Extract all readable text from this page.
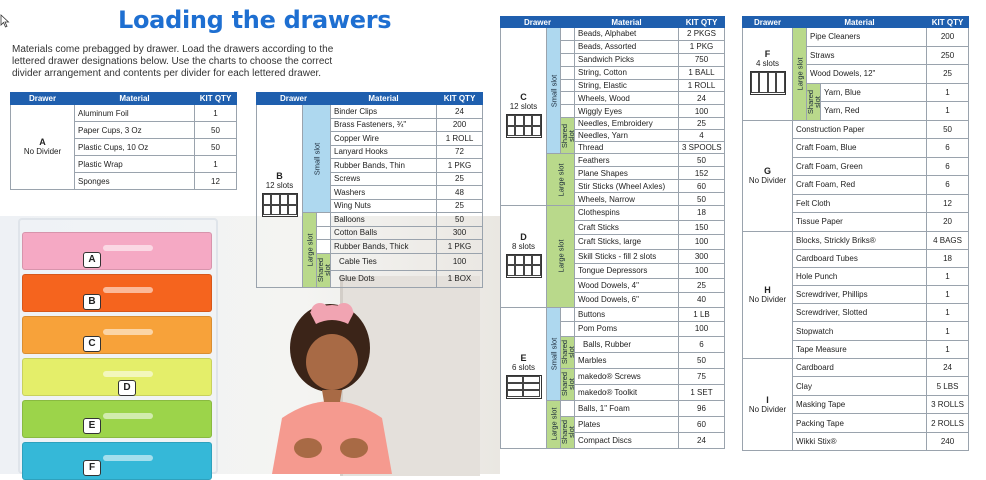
Loading the drawers
Materials come prebagged by drawer. Load the drawers according to the lettered drawer designations below. Use the charts to choose the correct divider arrangement and contents per divider for each lettered drawer.
A
B
C
D
E
F
Drawer	Material	KIT QTY

A
No Divider	Aluminum Foil	1
	Paper Cups, 3 Oz	50
	Plastic Cups, 10 Oz	50
	Plastic Wrap	1
	Sponges	12
Drawer			Material	KIT QTY

B
12 slots	Small slot		Binder Clips	24
			Brass Fasteners, ¾"	200
			Copper Wire	1 ROLL
			Lanyard Hooks	72
			Rubber Bands, Thin	1 PKG
			Screws	25
			Washers	48
			Wing Nuts	25

	Large slot		Balloons	50
			Cotton Balls	300
			Rubber Bands, Thick	1 PKG

		Shared slot	Cable Ties	100
			Glue Dots	1 BOX
Drawer			Material	KIT QTY

C
12 slots	Small slot		Beads, Alphabet	2 PKGS
			Beads, Assorted	1 PKG
			Sandwich Picks	750
			String, Cotton	1 BALL
			String, Elastic	1 ROLL
			Wheels, Wood	24
			Wiggly Eyes	100

		Shared slot	Needles, Embroidery	25
			Needles, Yarn	4
			Thread	3 SPOOLS

	Large slot		Feathers	50
			Plane Shapes	152
			Stir Sticks (Wheel Axles)	60
			Wheels, Narrow	50

D
8 slots	Large slot		Clothespins	18
			Craft Sticks	150
			Craft Sticks, large	100
			Skill Sticks - fill 2 slots	300
			Tongue Depressors	100
			Wood Dowels, 4"	25
			Wood Dowels, 6"	40

E
6 slots	Small slot		Buttons	1 LB
			Pom Poms	100

		Shared slot	Balls, Rubber	6
			Marbles	50

		Shared slot	makedo® Screws	75
			makedo® Toolkit	1 SET

	Large slot		Balls, 1" Foam	96

		Shared slot	Plates	60
			Compact Discs	24
Drawer	Material			KIT QTY

F
4 slots	Large slot	Pipe Cleaners		200
		Straws		250
		Wood Dowels, 12"		25

		Shared slot	Yarn, Blue	1
			Yarn, Red	1

G
No Divider	Construction Paper			50
	Craft Foam, Blue			6
	Craft Foam, Green			6
	Craft Foam, Red			6
	Felt Cloth			12
	Tissue Paper			20

H
No Divider	Blocks, Strickly Briks®			4 BAGS
	Cardboard Tubes			18
	Hole Punch			1
	Screwdriver, Phillips			1
	Screwdriver, Slotted			1
	Stopwatch			1
	Tape Measure			1

I
No Divider	Cardboard			24
	Clay			5 LBS
	Masking Tape			3 ROLLS
	Packing Tape			2 ROLLS
	Wikki Stix®			240
